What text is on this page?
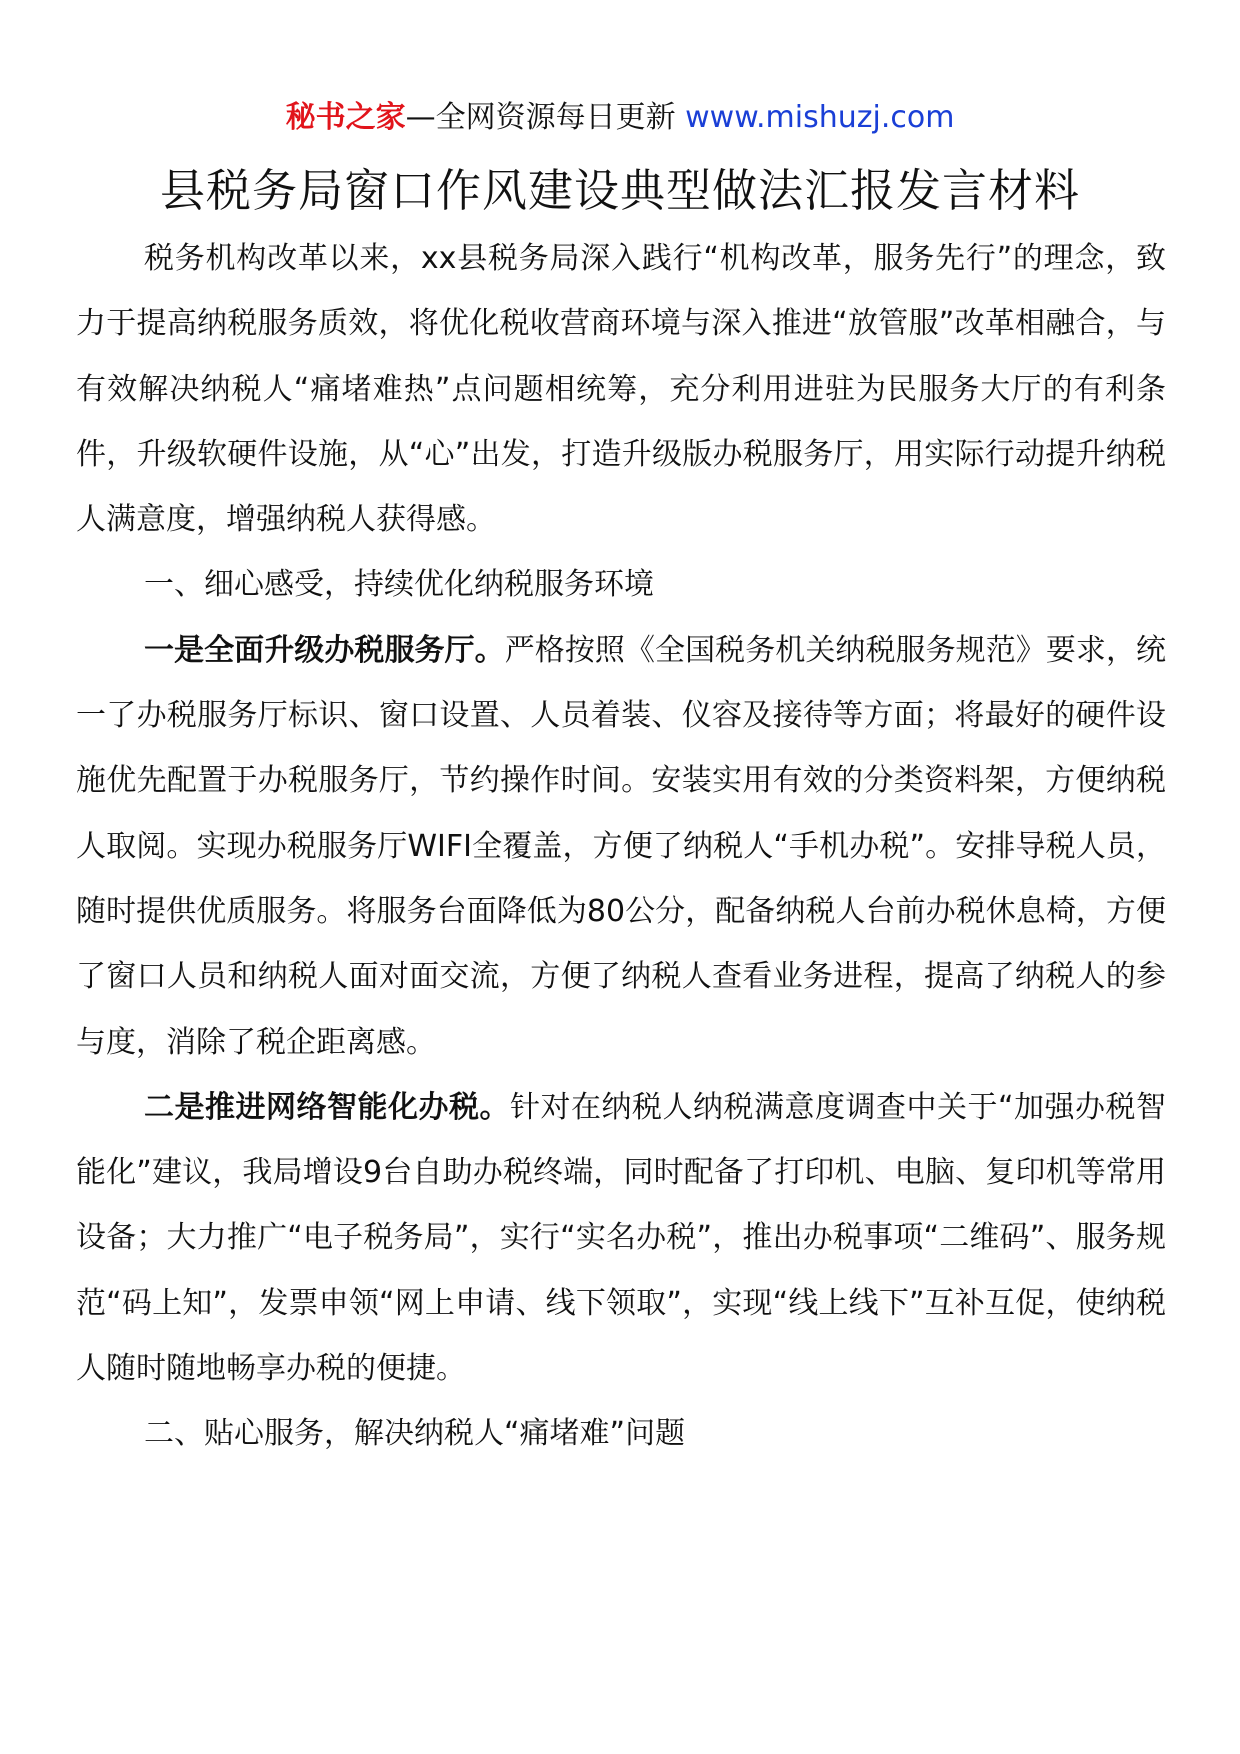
秘书之家—全网资源每日更新 www.mishuzj.com
县税务局窗口作风建设典型做法汇报发言材料

税务机构改革以来，xx县税务局深入践行“机构改革，服务先行”的理念，致力于提高纳税服务质效，将优化税收营商环境与深入推进“放管服”改革相融合，与有效解决纳税人“痛堵难热”点问题相统筹，充分利用进驻为民服务大厅的有利条件，升级软硬件设施，从“心”出发，打造升级版办税服务厅，用实际行动提升纳税人满意度，增强纳税人获得感。

一、细心感受，持续优化纳税服务环境

一是全面升级办税服务厅。严格按照《全国税务机关纳税服务规范》要求，统一了办税服务厅标识、窗口设置、人员着装、仪容及接待等方面；将最好的硬件设施优先配置于办税服务厅，节约操作时间。安装实用有效的分类资料架，方便纳税人取阅。实现办税服务厅WIFI全覆盖，方便了纳税人“手机办税”。安排导税人员，随时提供优质服务。将服务台面降低为80公分，配备纳税人台前办税休息椅，方便了窗口人员和纳税人面对面交流，方便了纳税人查看业务进程，提高了纳税人的参与度，消除了税企距离感。

二是推进网络智能化办税。针对在纳税人纳税满意度调查中关于“加强办税智能化”建议，我局增设9台自助办税终端，同时配备了打印机、电脑、复印机等常用设备；大力推广“电子税务局”，实行“实名办税”，推出办税事项“二维码”、服务规范“码上知”，发票申领“网上申请、线下领取”，实现“线上线下”互补互促，使纳税人随时随地畅享办税的便捷。

二、贴心服务，解决纳税人“痛堵难”问题
